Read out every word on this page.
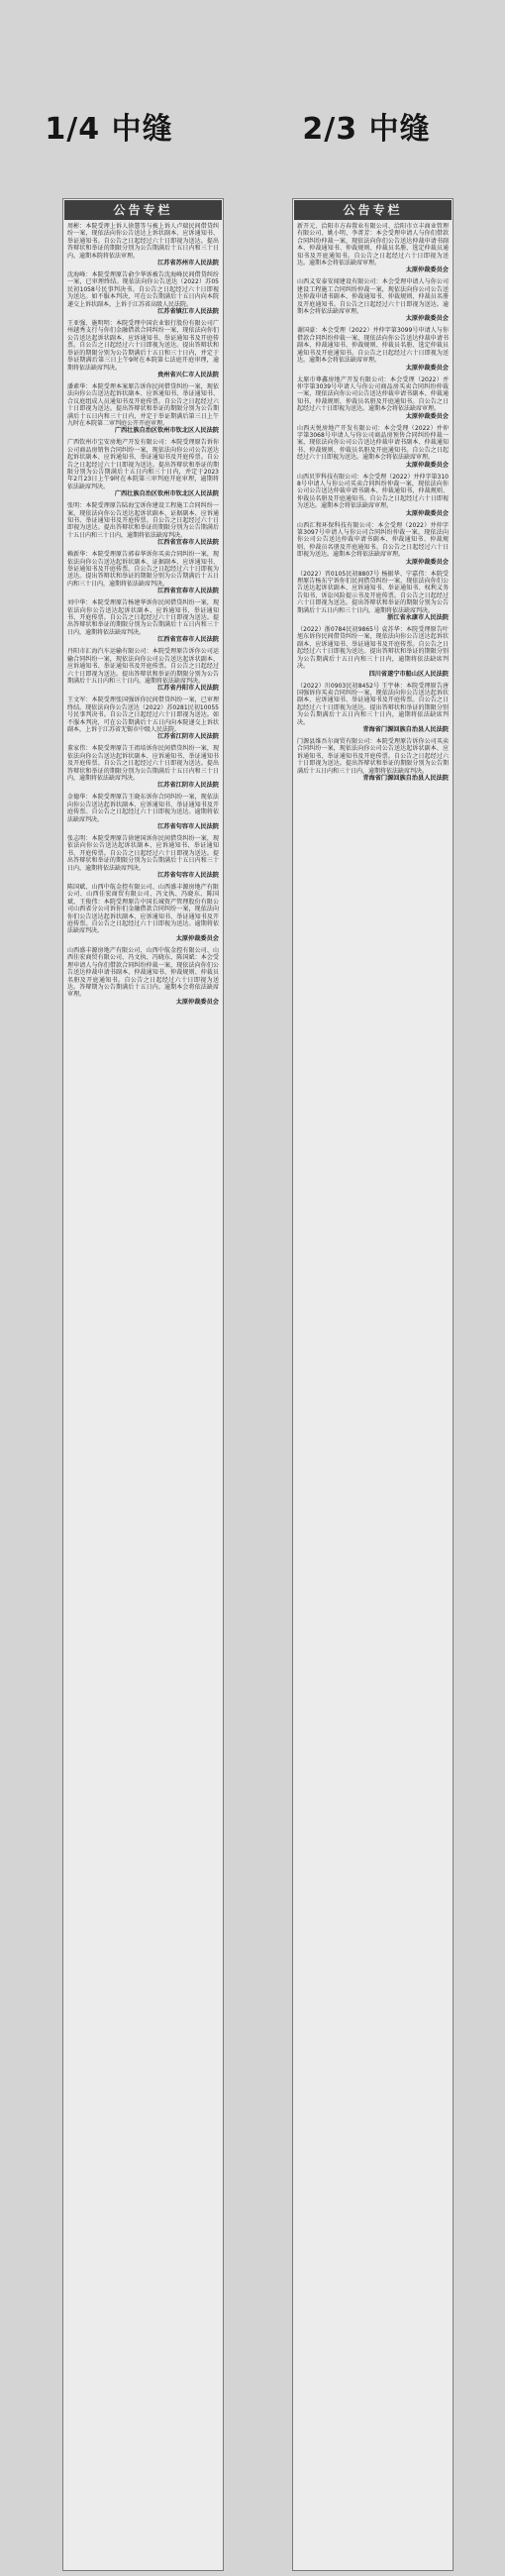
1/4 中缝	2/3 中缝
公告专栏
周彬：本院受理上诉人徐慧等与被上诉人卢瑞民间借贷纠纷一案，现依法向你公告送达上诉状副本、应诉通知书、举证通知书。自公告之日起经过六十日即视为送达。提出答辩状和举证的期限分别为公告期满后十五日内和三十日内。逾期本院将依法审理。
江苏省苏州市人民法院
沈海峰：本院受理原告俞少华诉被告沈海峰民间借贷纠纷一案，已审理终结。现依法向你公告送达（2022）苏05民初1058号民事判决书。自公告之日起经过六十日即视为送达。如不服本判决，可在公告期满后十五日内向本院递交上诉状副本，上诉于江苏省高级人民法院。
江苏省镇江市人民法院
王亚强、施明明：本院受理中国农业银行股份有限公司广州越秀支行与你们金融借款合同纠纷一案，现依法向你们公告送达起诉状副本、应诉通知书、举证通知书及开庭传票。自公告之日起经过六十日即视为送达。提出答辩状和举证的期限分别为公告期满后十五日和三十日内，并定于举证期满后第三日上午9时在本院第七法庭开庭审理，逾期将依法缺席判决。
贵州省兴仁市人民法院
潘素华：本院受理本案原告诉你民间借贷纠纷一案，现依法向你公告送达起诉状副本、应诉通知书、举证通知书、合议庭组成人员通知书及开庭传票。自公告之日起经过六十日即视为送达。提出答辩状和举证的期限分别为公告期满后十五日内和三十日内，并定于举证期满后第三日上午九时在本院第二审判庭公开开庭审理。
广西壮族自治区钦州市钦北区人民法院
广西钦州市宝安房地产开发有限公司：本院受理原告诉你公司商品房销售合同纠纷一案，现依法向你公司公告送达起诉状副本、应诉通知书、举证通知书及开庭传票。自公告之日起经过六十日即视为送达。提出答辩状和举证的期限分别为公告期满后十五日内和三十日内，并定于2023年2月23日上午9时在本院第三审判庭开庭审理，逾期将依法缺席判决。
广西壮族自治区钦州市钦北区人民法院
张明：本院受理原告陆海宝诉你建设工程施工合同纠纷一案，现依法向你公告送达起诉状副本、证据副本、应诉通知书、举证通知书及开庭传票。自公告之日起经过六十日即视为送达。提出答辩状和举证的期限分别为公告期满后十五日内和三十日内，逾期将依法缺席判决。
江西省宜春市人民法院
赖新华：本院受理原告郭春华诉你买卖合同纠纷一案，现依法向你公告送达起诉状副本、证据副本、应诉通知书、举证通知书及开庭传票。自公告之日起经过六十日即视为送达。提出答辩状和举证的期限分别为公告期满后十五日内和三十日内，逾期将依法缺席判决。
江西省宜春市人民法院
刘中华：本院受理原告杨建华诉你民间借贷纠纷一案，现依法向你公告送达起诉状副本、应诉通知书、举证通知书、开庭传票。自公告之日起经过六十日即视为送达。提出答辩状和举证的期限分别为公告期满后十五日内和三十日内，逾期将依法缺席判决。
江西省宜春市人民法院
丹阳市汇海汽车运输有限公司：本院受理原告诉你公司运输合同纠纷一案，现依法向你公司公告送达起诉状副本、应诉通知书、举证通知书及开庭传票。自公告之日起经过六十日即视为送达。提出答辩状和举证的期限分别为公告期满后十五日内和三十日内，逾期将依法缺席判决。
江苏省丹阳市人民法院
王文军：本院受理张国强诉你民间借贷纠纷一案，已审理终结。现依法向你公告送达（2022）苏0281民初10055号民事判决书。自公告之日起经过六十日即视为送达。如不服本判决，可在公告期满后十五日内向本院递交上诉状副本，上诉于江苏省无锡市中级人民法院。
江苏省江阴市人民法院
董家伟：本院受理原告王祖培诉你民间借贷纠纷一案，现依法向你公告送达起诉状副本、应诉通知书、举证通知书及开庭传票。自公告之日起经过六十日即视为送达。提出答辩状和举证的期限分别为公告期满后十五日内和三十日内，逾期将依法缺席判决。
江苏省江阴市人民法院
金德华：本院受理原告王晓东诉你合同纠纷一案，现依法向你公告送达起诉状副本、应诉通知书、举证通知书及开庭传票。自公告之日起经过六十日即视为送达。逾期将依法缺席判决。
江苏省句容市人民法院
张志明：本院受理原告徐建国诉你民间借贷纠纷一案，现依法向你公告送达起诉状副本、应诉通知书、举证通知书、开庭传票。自公告之日起经过六十日即视为送达。提出答辩状和举证的期限分别为公告期满后十五日内和三十日内，逾期将依法缺席判决。
江苏省句容市人民法院
陈国斌、山西中航金控有限公司、山西盛丰源房地产有限公司、山西佳宏商贸有限公司、冯文执、冯晓东、陈国斌、王俊伟：本院受理原告中国长城资产管理股份有限公司山西省分公司诉你们金融借款合同纠纷一案，现依法向你们公告送达起诉状副本、应诉通知书、举证通知书及开庭传票。自公告之日起经过六十日即视为送达。逾期将依法缺席判决。
太原仲裁委员会
山西盛丰源房地产有限公司、山西中航金控有限公司、山西佳宏商贸有限公司、冯文执、冯晓东、陈国斌：本会受理申请人与你们借款合同纠纷仲裁一案，现依法向你们公告送达仲裁申请书副本、仲裁通知书、仲裁规则、仲裁员名册及开庭通知书。自公告之日起经过六十日即视为送达。答辩期为公告期满后十五日内。逾期本会将依法缺席审理。
太原仲裁委员会
公告专栏
新开元、洽阳市方春置业有限公司、洽阳市立丰商业管理有限公司、姚小明、李菁芳：本会受理申请人与你们借款合同纠纷仲裁一案，现依法向你们公告送达仲裁申请书副本、仲裁通知书、仲裁规则、仲裁员名册、选定仲裁员通知书及开庭通知书。自公告之日起经过六十日即视为送达。逾期本会将依法缺席审理。
太原仲裁委员会
山西义安泰安闻建设有限公司：本会受理申请人与你公司建设工程施工合同纠纷仲裁一案，现依法向你公司公告送达仲裁申请书副本、仲裁通知书、仲裁规则、仲裁员名册及开庭通知书。自公告之日起经过六十日即视为送达。逾期本会将依法缺席审理。
太原仲裁委员会
谢国豪：本会受理（2022）并仲字第3099号申请人与你借款合同纠纷仲裁一案，现依法向你公告送达仲裁申请书副本、仲裁通知书、仲裁规则、仲裁员名册、选定仲裁员通知书及开庭通知书。自公告之日起经过六十日即视为送达。逾期本会将依法缺席审理。
太原仲裁委员会
太原市尊鑫房地产开发有限公司：本会受理（2022）并仲字第3039号申请人与你公司商品房买卖合同纠纷仲裁一案，现依法向你公司公告送达仲裁申请书副本、仲裁通知书、仲裁规则、仲裁员名册及开庭通知书。自公告之日起经过六十日即视为送达。逾期本会将依法缺席审理。
太原仲裁委员会
山西天悦房地产开发有限公司：本会受理（2022）并仲字第3068号申请人与你公司商品房预售合同纠纷仲裁一案，现依法向你公司公告送达仲裁申请书副本、仲裁通知书、仲裁规则、仲裁员名册及开庭通知书。自公告之日起经过六十日即视为送达。逾期本会将依法缺席审理。
太原仲裁委员会
山西贝罗科技有限公司：本会受理（2022）并仲字第3108号申请人与你公司买卖合同纠纷仲裁一案，现依法向你公司公告送达仲裁申请书副本、仲裁通知书、仲裁规则、仲裁员名册及开庭通知书。自公告之日起经过六十日即视为送达。逾期本会将依法缺席审理。
太原仲裁委员会
山西汇和环保科技有限公司：本会受理（2022）并仲字第3097号申请人与你公司合同纠纷仲裁一案，现依法向你公司公告送达仲裁申请书副本、仲裁通知书、仲裁规则、仲裁员名册及开庭通知书。自公告之日起经过六十日即视为送达。逾期本会将依法缺席审理。
太原仲裁委员会
（2022）晋0105民初8807号 杨振华、宁嘉伟：本院受理原告杨东宁诉你们民间借贷纠纷一案，现依法向你们公告送达起诉状副本、应诉通知书、举证通知书、权利义务告知书、诉讼风险提示书及开庭传票。自公告之日起经过六十日即视为送达。提出答辩状和举证的期限分别为公告期满后十五日内和三十日内，逾期将依法缺席判决。
浙江省永康市人民法院
（2022）浙0784民初9865号 袁苏华：本院受理原告叶旭东诉你民间借贷纠纷一案，现依法向你公告送达起诉状副本、应诉通知书、举证通知书及开庭传票。自公告之日起经过六十日即视为送达。提出答辩状和举证的期限分别为公告期满后十五日内和三十日内，逾期将依法缺席判决。
四川省遂宁市船山区人民法院
（2022）川0903民初8452号 王宇林：本院受理原告唐国强诉你买卖合同纠纷一案，现依法向你公告送达起诉状副本、应诉通知书、举证通知书及开庭传票。自公告之日起经过六十日即视为送达。提出答辩状和举证的期限分别为公告期满后十五日内和三十日内，逾期将依法缺席判决。
青海省门源回族自治县人民法院
门源县维吾尔商贸有限公司：本院受理原告诉你公司买卖合同纠纷一案，现依法向你公司公告送达起诉状副本、应诉通知书、举证通知书及开庭传票。自公告之日起经过六十日即视为送达。提出答辩状和举证的期限分别为公告期满后十五日内和三十日内，逾期将依法缺席判决。
青海省门源回族自治县人民法院
